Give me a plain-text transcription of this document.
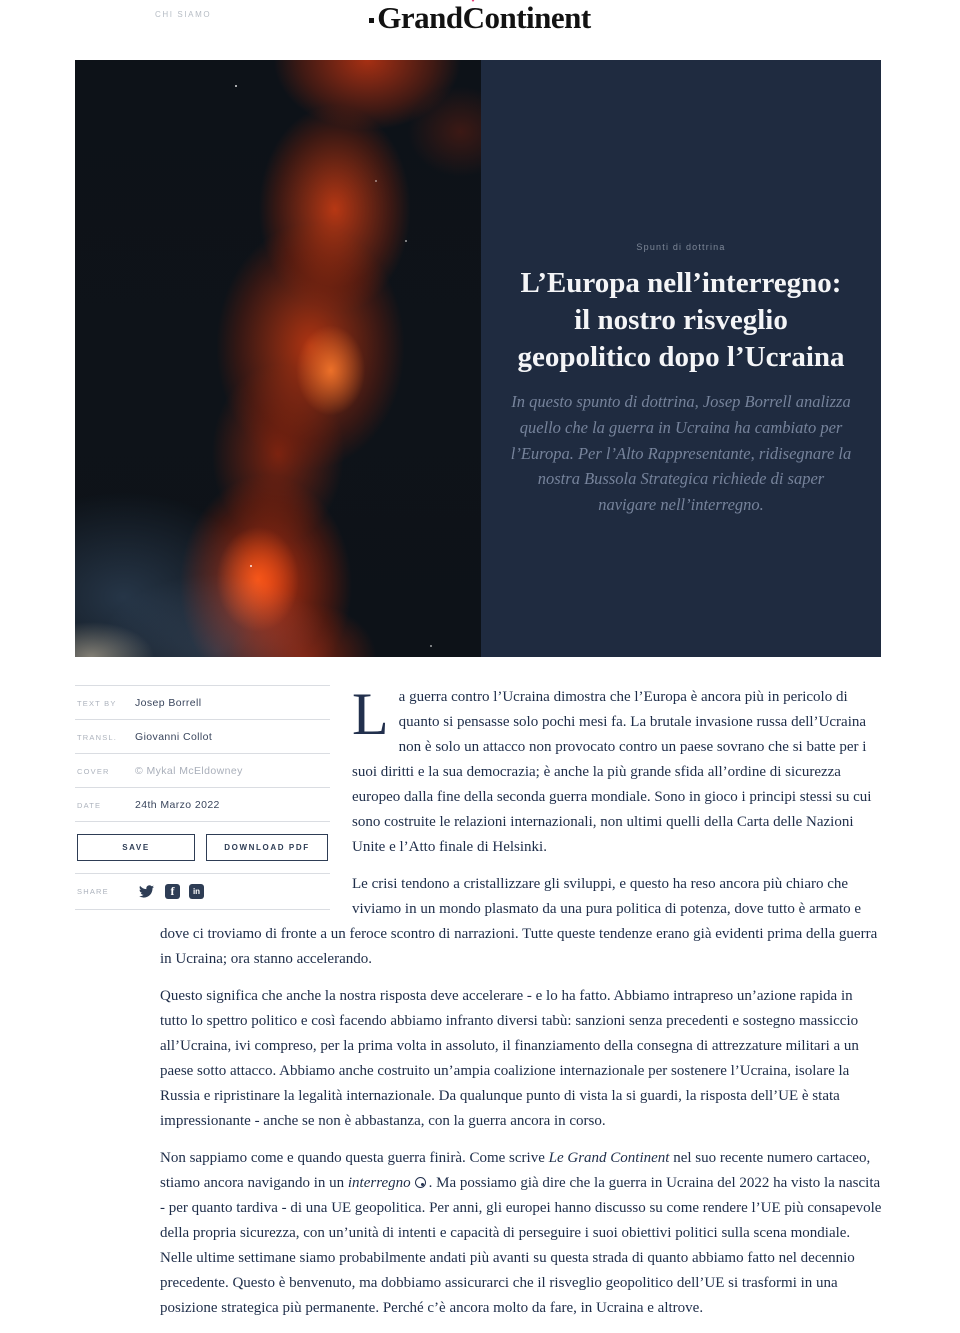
CHI SIAMO	Grand
Continent
Spunti di dottrina
L’Europa nell’interregno: il nostro risveglio geopolitico dopo l’Ucraina
In questo spunto di dottrina, Josep Borrell analizza quello che la guerra in Ucraina ha cambiato per l’Europa. Per l’Alto Rappresentante, ridisegnare la nostra Bussola Strategica richiede di saper navigare nell’interregno.
TEXT BY	Josep Borrell
TRANSL.	Giovanni Collot
COVER	© Mykal McEldowney
DATE	24th Marzo 2022
SAVE	DOWNLOAD PDF
SHARE	f	in

La guerra contro l’Ucraina dimostra che l’Europa è ancora più in pericolo di quanto si pensasse solo pochi mesi fa. La brutale invasione russa dell’Ucraina non è solo un attacco non provocato contro un paese sovrano che si batte per i suoi diritti e la sua democrazia; è anche la più grande sfida all’ordine di sicurezza europeo dalla fine della seconda guerra mondiale. Sono in gioco i principi stessi su cui sono costruite le relazioni internazionali, non ultimi quelli della Carta delle Nazioni Unite e l’Atto finale di Helsinki.

Le crisi tendono a cristallizzare gli sviluppi, e questo ha reso ancora più chiaro che viviamo in un mondo plasmato da una pura politica di potenza, dove tutto è armato e dove ci troviamo di fronte a un feroce scontro di narrazioni. Tutte queste tendenze erano già evidenti prima della guerra in Ucraina; ora stanno accelerando.

Questo significa che anche la nostra risposta deve accelerare - e lo ha fatto. Abbiamo intrapreso un’azione rapida in tutto lo spettro politico e così facendo abbiamo infranto diversi tabù: sanzioni senza precedenti e sostegno massiccio all’Ucraina, ivi compreso, per la prima volta in assoluto, il finanziamento della consegna di attrezzature militari a un paese sotto attacco. Abbiamo anche costruito un’ampia coalizione internazionale per sostenere l’Ucraina, isolare la Russia e ripristinare la legalità internazionale. Da qualunque punto di vista la si guardi, la risposta dell’UE è stata impressionante - anche se non è abbastanza, con la guerra ancora in corso.

Non sappiamo come e quando questa guerra finirà. Come scrive Le Grand Continent nel suo recente numero cartaceo, stiamo ancora navigando in un interregno . Ma possiamo già dire che la guerra in Ucraina del 2022 ha visto la nascita - per quanto tardiva - di una UE geopolitica. Per anni, gli europei hanno discusso su come rendere l’UE più consapevole della propria sicurezza, con un’unità di intenti e capacità di perseguire i suoi obiettivi politici sulla scena mondiale. Nelle ultime settimane siamo probabilmente andati più avanti su questa strada di quanto abbiamo fatto nel decennio precedente. Questo è benvenuto, ma dobbiamo assicurarci che il risveglio geopolitico dell’UE si trasformi in una posizione strategica più permanente. Perché c’è ancora molto da fare, in Ucraina e altrove.
